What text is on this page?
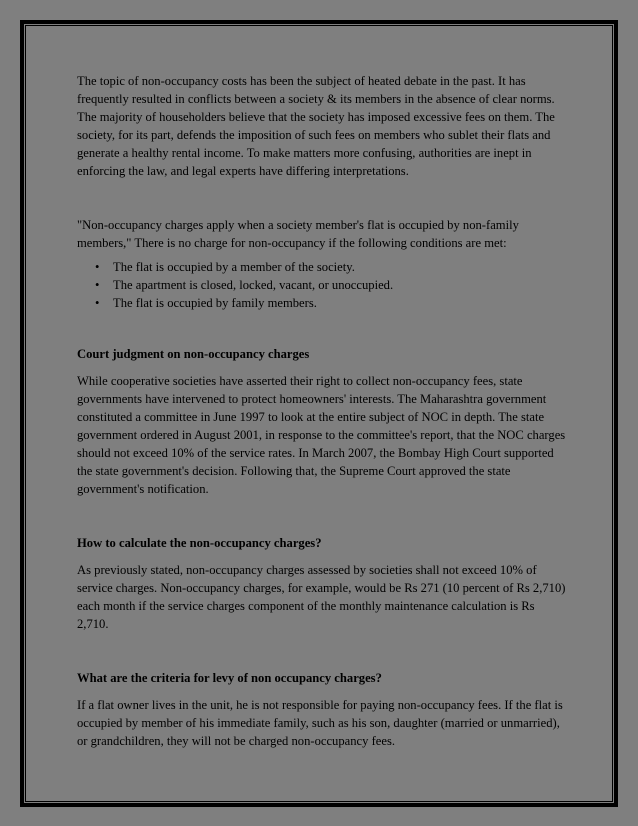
The topic of non-occupancy costs has been the subject of heated debate in the past. It has frequently resulted in conflicts between a society & its members in the absence of clear norms. The majority of householders believe that the society has imposed excessive fees on them. The society, for its part, defends the imposition of such fees on members who sublet their flats and generate a healthy rental income. To make matters more confusing, authorities are inept in enforcing the law, and legal experts have differing interpretations.

"Non-occupancy charges apply when a society member's flat is occupied by non-family members," There is no charge for non-occupancy if the following conditions are met:

• The flat is occupied by a member of the society.
• The apartment is closed, locked, vacant, or unoccupied.
• The flat is occupied by family members.
Court judgment on non-occupancy charges

While cooperative societies have asserted their right to collect non-occupancy fees, state governments have intervened to protect homeowners' interests. The Maharashtra government constituted a committee in June 1997 to look at the entire subject of NOC in depth. The state government ordered in August 2001, in response to the committee's report, that the NOC charges should not exceed 10% of the service rates. In March 2007, the Bombay High Court supported the state government's decision. Following that, the Supreme Court approved the state government's notification.

How to calculate the non-occupancy charges?

As previously stated, non-occupancy charges assessed by societies shall not exceed 10% of service charges. Non-occupancy charges, for example, would be Rs 271 (10 percent of Rs 2,710) each month if the service charges component of the monthly maintenance calculation is Rs 2,710.

What are the criteria for levy of non occupancy charges?

If a flat owner lives in the unit, he is not responsible for paying non-occupancy fees. If the flat is occupied by member of his immediate family, such as his son, daughter (married or unmarried), or grandchildren, they will not be charged non-occupancy fees.
